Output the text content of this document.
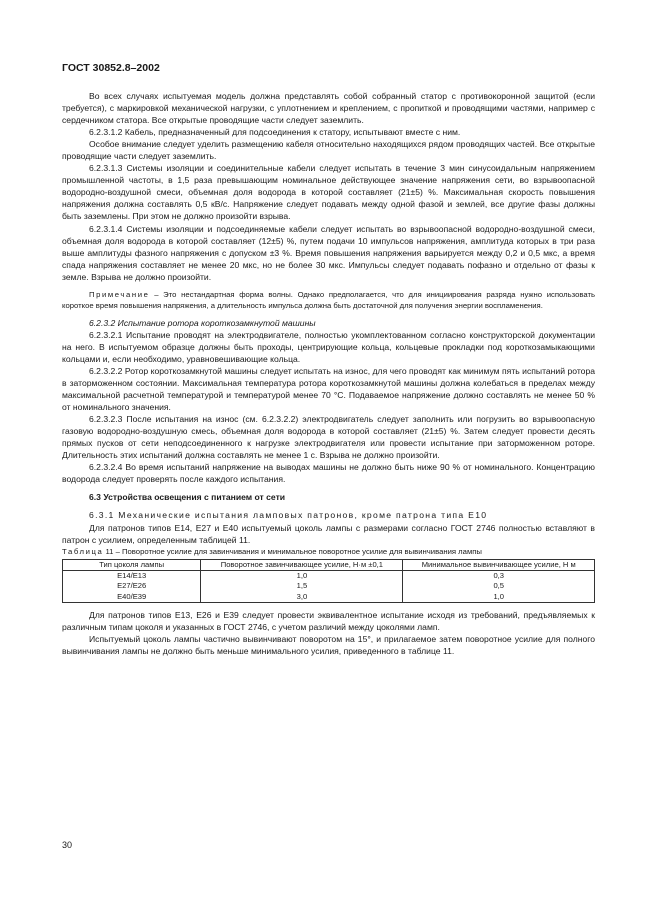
ГОСТ 30852.8–2002

Во всех случаях испытуемая модель должна представлять собой собранный статор с противокоронной защитой (если требуется), с маркировкой механической нагрузки, с уплотнением и креплением, с пропиткой и проводящими частями, например с сердечником статора. Все открытые проводящие части следует заземлить.

6.2.3.1.2 Кабель, предназначенный для подсоединения к статору, испытывают вместе с ним.

Особое внимание следует уделить размещению кабеля относительно находящихся рядом проводящих частей. Все открытые проводящие части следует заземлить.

6.2.3.1.3 Системы изоляции и соединительные кабели следует испытать в течение 3 мин синусоидальным напряжением промышленной частоты, в 1,5 раза превышающим номинальное действующее значение напряжения сети, во взрывоопасной водородно-воздушной смеси, объемная доля водорода в которой составляет (21±5) %. Максимальная скорость повышения напряжения должна составлять 0,5 кВ/с. Напряжение следует подавать между одной фазой и землей, все другие фазы должны быть заземлены. При этом не должно произойти взрыва.

6.2.3.1.4 Системы изоляции и подсоединяемые кабели следует испытать во взрывоопасной водородно-воздушной смеси, объемная доля водорода в которой составляет (12±5) %, путем подачи 10 импульсов напряжения, амплитуда которых в три раза выше амплитуды фазного напряжения с допуском ±3 %. Время повышения напряжения варьируется между 0,2 и 0,5 мкс, а время спада напряжения составляет не менее 20 мкс, но не более 30 мкс. Импульсы следует подавать пофазно и отдельно от фазы к земле. Взрыва не должно произойти.

Примечание – Это нестандартная форма волны. Однако предполагается, что для инициирования разряда нужно использовать короткое время повышения напряжения, а длительность импульса должна быть достаточной для получения энергии воспламенения.

6.2.3.2 Испытание ротора короткозамкнутой машины

6.2.3.2.1 Испытание проводят на электродвигателе, полностью укомплектованном согласно конструкторской документации на него. В испытуемом образце должны быть проходы, центрирующие кольца, кольцевые прокладки под короткозамыкающими кольцами и, если необходимо, уравновешивающие кольца.

6.2.3.2.2 Ротор короткозамкнутой машины следует испытать на износ, для чего проводят как минимум пять испытаний ротора в заторможенном состоянии. Максимальная температура ротора короткозамкнутой машины должна колебаться в пределах между максимальной расчетной температурой и температурой менее 70 °С. Подаваемое напряжение должно составлять не менее 50 % от номинального значения.

6.2.3.2.3 После испытания на износ (см. 6.2.3.2.2) электродвигатель следует заполнить или погрузить во взрывоопасную газовую водородно-воздушную смесь, объемная доля водорода в которой составляет (21±5) %. Затем следует провести десять прямых пусков от сети неподсоединенного к нагрузке электродвигателя или провести испытание при заторможенном роторе. Длительность этих испытаний должна составлять не менее 1 с. Взрыва не должно произойти.

6.2.3.2.4 Во время испытаний напряжение на выводах машины не должно быть ниже 90 % от номинального. Концентрацию водорода следует проверять после каждого испытания.

6.3 Устройства освещения с питанием от сети

6.3.1 Механические испытания ламповых патронов, кроме патрона типа Е10

Для патронов типов Е14, Е27 и Е40 испытуемый цоколь лампы с размерами согласно ГОСТ 2746 полностью вставляют в патрон с усилием, определенным таблицей 11.

Таблица 11 – Поворотное усилие для завинчивания и минимальное поворотное усилие для вывинчивания лампы

Тип цоколя лампы	Поворотное завинчивающее усилие, Н·м ±0,1	Минимальное вывинчивающее усилие, Н м
Е14/Е13	1,0	0,3
Е27/Е26	1,5	0,5
Е40/Е39	3,0	1,0

Для патронов типов Е13, Е26 и Е39 следует провести эквивалентное испытание исходя из требований, предъявляемых к различным типам цоколя и указанных в ГОСТ 2746, с учетом различий между цоколями ламп.

Испытуемый цоколь лампы частично вывинчивают поворотом на 15°, и прилагаемое затем поворотное усилие для полного вывинчивания лампы не должно быть меньше минимального усилия, приведенного в таблице 11.

30
